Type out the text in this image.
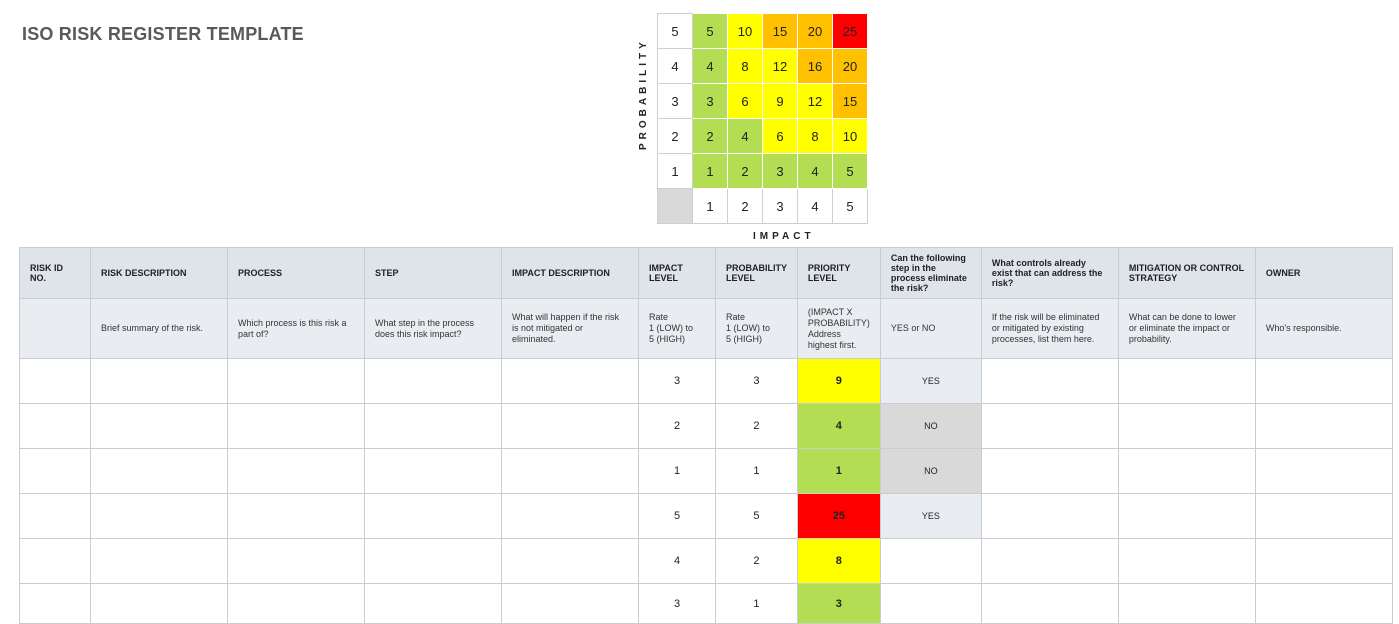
ISO RISK REGISTER TEMPLATE
PROBABILITY
5	5	10	15	20	25
4	4	8	12	16	20
3	3	6	9	12	15
2	2	4	6	8	10
1	1	2	3	4	5
	1	2	3	4	5
IMPACT
RISK ID NO.	RISK DESCRIPTION	PROCESS	STEP	IMPACT DESCRIPTION	IMPACT LEVEL	PROBABILITY LEVEL	PRIORITY LEVEL	Can the following step in the process eliminate the risk?	What controls already exist that can address the risk?	MITIGATION OR CONTROL STRATEGY	OWNER
	Brief summary of the risk.	Which process is this risk a part of?	What step in the process does this risk impact?	What will happen if the risk is not mitigated or eliminated.	Rate
1 (LOW) to
5 (HIGH)	Rate
1 (LOW) to
5 (HIGH)	(IMPACT X PROBABILITY)
Address highest first.	YES or NO	If the risk will be eliminated or mitigated by existing processes, list them here.	What can be done to lower or eliminate the impact or probability.	Who's responsible.
					3	3	9	YES			
					2	2	4	NO			
					1	1	1	NO			
					5	5	25	YES			
					4	2	8				
					3	1	3				
